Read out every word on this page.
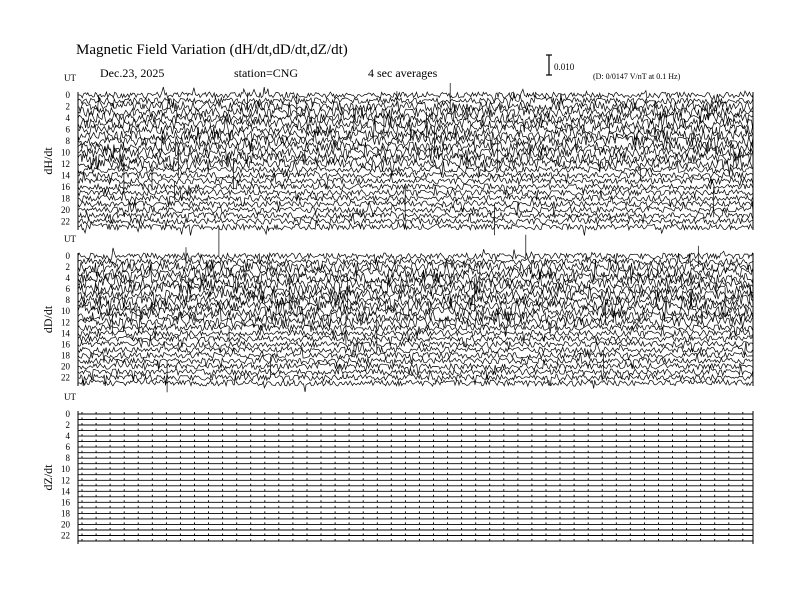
Magnetic Field Variation (dH/dt,dD/dt,dZ/dt)
Dec.23, 2025	station=CNG	4 sec averages	0.010
(D: 0/0147 V/nT at 0.1 Hz)
UT
dH/dt
0
2
4
6
8
10
12
14
16
18
20
22
UT
dD/dt
0
2
4
6
8
10
12
14
16
18
20
22
UT
dZ/dt
0
2
4
6
8
10
12
14
16
18
20
22
